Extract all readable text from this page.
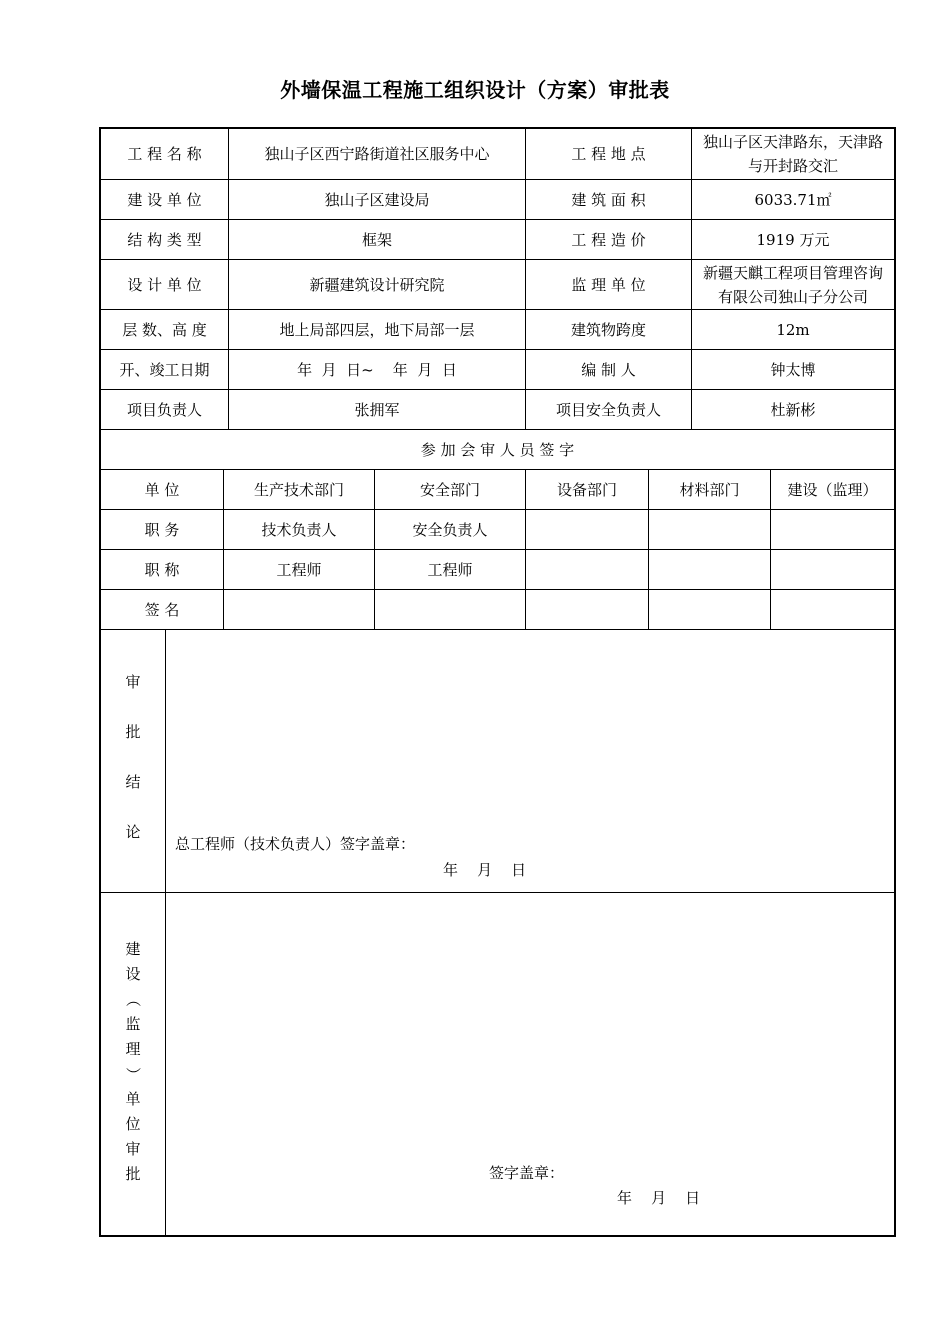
外墙保温工程施工组织设计（方案）审批表
工 程 名 称	独山子区西宁路街道社区服务中心	工 程 地 点
独山子区天津路东，天津路与开封路交汇
建 设 单 位	独山子区建设局	建 筑 面 积	6033.71㎡
结 构 类 型	框架	工 程 造 价	1919 万元
设 计 单 位	新疆建筑设计研究院	监 理 单 位
新疆天麒工程项目管理咨询有限公司独山子分公司
层 数、高 度	地上局部四层，地下局部一层	建筑物跨度	12m
开、竣工日期	年  月  日~    年  月  日	编 制 人	钟太博
项目负责人	张拥军	项目安全负责人	杜新彬
参 加 会 审 人 员 签 字
单 位	生产技术部门	安全部门	设备部门	材料部门	建设（监理）
职 务	技术负责人	安全负责人
职 称	工程师	工程师
签 名
审
批
结
论
总工程师（技术负责人）签字盖章：
年    月    日
建
设
（
监
理
）
单
位
审
批	签字盖章：
年    月    日
